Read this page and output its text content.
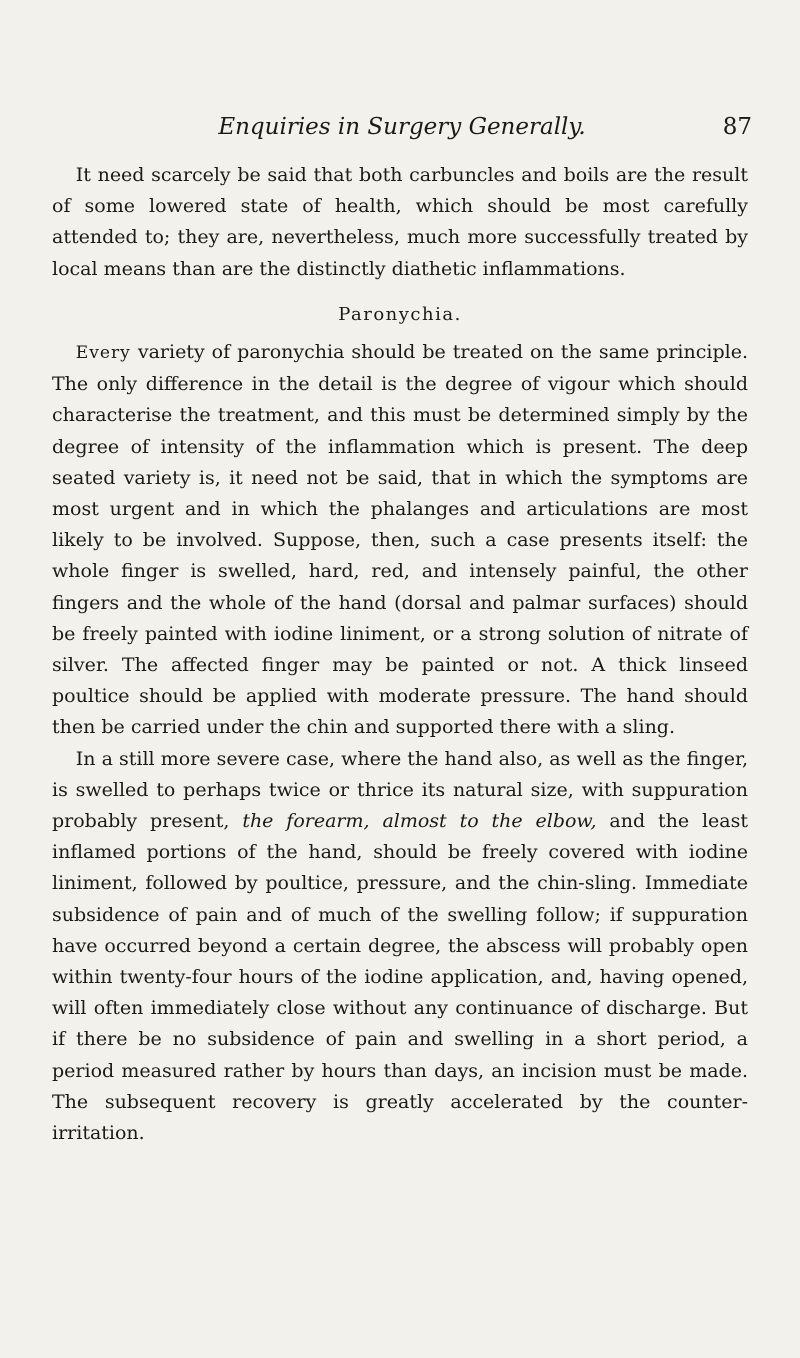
Enquiries in Surgery Generally.	87

It need scarcely be said that both carbuncles and boils are the result of some lowered state of health, which should be most carefully attended to; they are, nevertheless, much more successfully treated by local means than are the distinctly diathetic inflammations.

Paronychia.

Every variety of paronychia should be treated on the same principle. The only difference in the detail is the degree of vigour which should characterise the treatment, and this must be determined simply by the degree of intensity of the inflammation which is present. The deep seated variety is, it need not be said, that in which the symptoms are most urgent and in which the phalanges and articulations are most likely to be involved. Suppose, then, such a case presents itself: the whole finger is swelled, hard, red, and intensely painful, the other fingers and the whole of the hand (dorsal and palmar surfaces) should be freely painted with iodine liniment, or a strong solution of nitrate of silver. The affected finger may be painted or not. A thick linseed poultice should be applied with moderate pressure. The hand should then be carried under the chin and supported there with a sling.

In a still more severe case, where the hand also, as well as the finger, is swelled to perhaps twice or thrice its natural size, with suppuration probably present, the forearm, almost to the elbow, and the least inflamed portions of the hand, should be freely covered with iodine liniment, followed by poultice, pressure, and the chin-sling. Immediate subsidence of pain and of much of the swelling follow; if suppuration have occurred beyond a certain degree, the abscess will probably open within twenty-four hours of the iodine application, and, having opened, will often immediately close without any continuance of discharge. But if there be no subsidence of pain and swelling in a short period, a period measured rather by hours than days, an incision must be made. The subsequent recovery is greatly accelerated by the counter-irritation.
